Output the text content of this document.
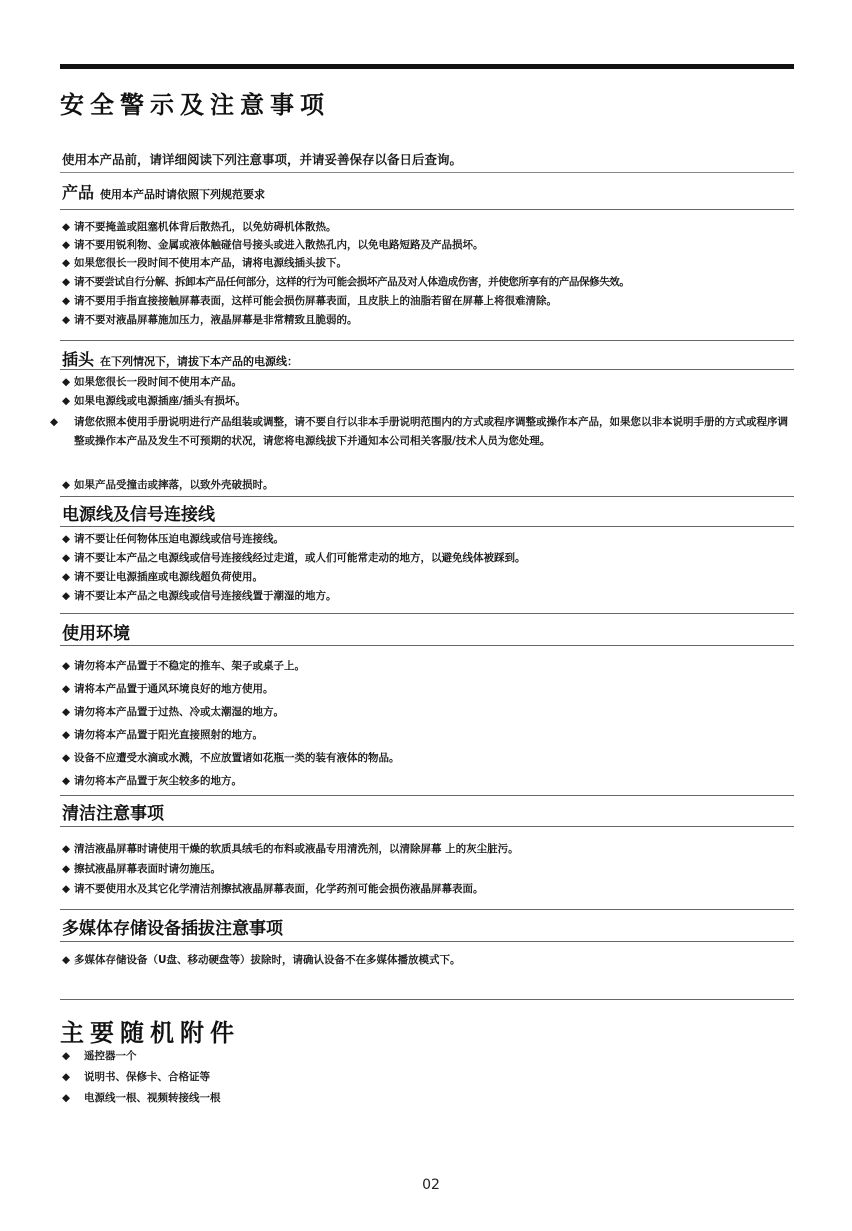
安全警示及注意事项
使用本产品前，请详细阅读下列注意事项，并请妥善保存以备日后查询。
产品 使用本产品时请依照下列规范要求
◆ 请不要掩盖或阻塞机体背后散热孔，以免妨碍机体散热。
◆ 请不要用锐利物、金属或液体触碰信号接头或进入散热孔内，以免电路短路及产品损坏。
◆ 如果您很长一段时间不使用本产品，请将电源线插头拔下。
◆ 请不要尝试自行分解、拆卸本产品任何部分，这样的行为可能会损坏产品及对人体造成伤害，并使您所享有的产品保修失效。
◆ 请不要用手指直接接触屏幕表面，这样可能会损伤屏幕表面，且皮肤上的油脂若留在屏幕上将很难清除。
◆ 请不要对液晶屏幕施加压力，液晶屏幕是非常精致且脆弱的。
插头 在下列情况下，请拔下本产品的电源线：
◆ 如果您很长一段时间不使用本产品。
◆ 如果电源线或电源插座/插头有损坏。
◆ 请您依照本使用手册说明进行产品组装或调整，请不要自行以非本手册说明范围内的方式或程序调整或操作本产品，如果您以非本说明手册的方式或程序调整或操作本产品及发生不可预期的状况，请您将电源线拔下并通知本公司相关客服/技术人员为您处理。
◆ 如果产品受撞击或摔落，以致外壳破损时。
电源线及信号连接线
◆ 请不要让任何物体压迫电源线或信号连接线。
◆ 请不要让本产品之电源线或信号连接线经过走道，或人们可能常走动的地方，以避免线体被踩到。
◆ 请不要让电源插座或电源线超负荷使用。
◆ 请不要让本产品之电源线或信号连接线置于潮湿的地方。
使用环境
◆ 请勿将本产品置于不稳定的推车、架子或桌子上。
◆ 请将本产品置于通风环境良好的地方使用。
◆ 请勿将本产品置于过热、冷或太潮湿的地方。
◆ 请勿将本产品置于阳光直接照射的地方。
◆ 设备不应遭受水滴或水溅，不应放置诸如花瓶一类的装有液体的物品。
◆ 请勿将本产品置于灰尘较多的地方。
清洁注意事项
◆ 清洁液晶屏幕时请使用干燥的软质具绒毛的布料或液晶专用清洗剂，以清除屏幕 上的灰尘脏污。
◆ 擦拭液晶屏幕表面时请勿施压。
◆ 请不要使用水及其它化学清洁剂擦拭液晶屏幕表面，化学药剂可能会损伤液晶屏幕表面。
多媒体存储设备插拔注意事项
◆ 多媒体存储设备（U盘、移动硬盘等）拔除时，请确认设备不在多媒体播放模式下。
主要随机附件
◆ 遥控器一个
◆ 说明书、保修卡、合格证等
◆ 电源线一根、视频转接线一根
02
